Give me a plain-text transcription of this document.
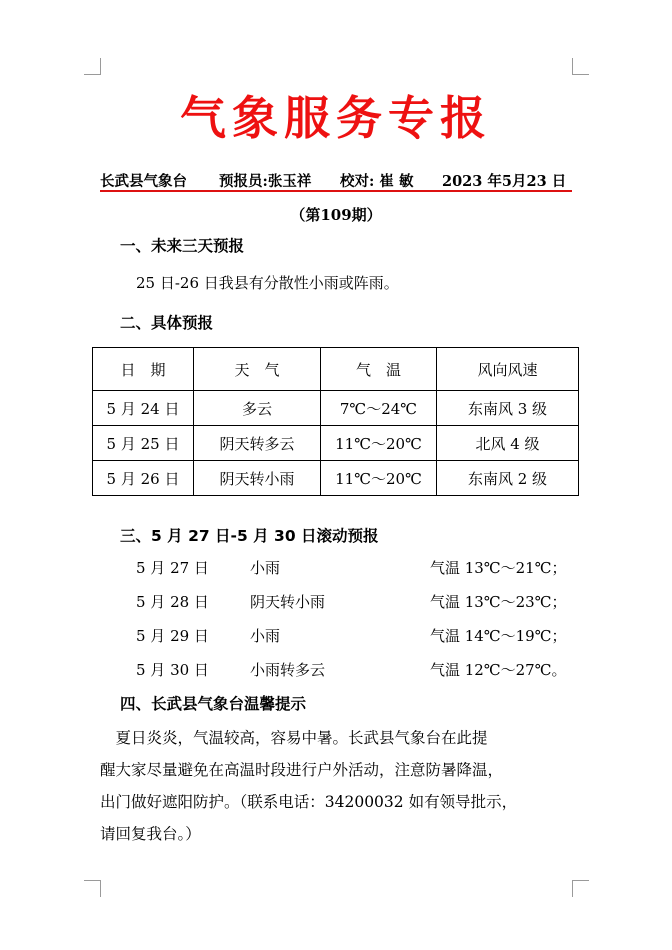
气象服务专报
长武县气象台 预报员:张玉祥 校对: 崔 敏 2023 年5月23 日
（第109期）
一、未来三天预报
25 日-26 日我县有分散性小雨或阵雨。
二、具体预报
日　期	天　气	气　温	风向风速
5 月 24 日	多云	7℃～24℃	东南风 3 级
5 月 25 日	阴天转多云	11℃～20℃	北风 4 级
5 月 26 日	阴天转小雨	11℃～20℃	东南风 2 级
三、5 月 27 日-5 月 30 日滚动预报
5 月 27 日	小雨	气温 13℃～21℃；
5 月 28 日	阴天转小雨	气温 13℃～23℃；
5 月 29 日	小雨	气温 14℃～19℃；
5 月 30 日	小雨转多云	气温 12℃～27℃。
四、长武县气象台温馨提示
　夏日炎炎，气温较高，容易中暑。长武县气象台在此提
醒大家尽量避免在高温时段进行户外活动，注意防暑降温，
出门做好遮阳防护。（联系电话：34200032 如有领导批示，
请回复我台。）
